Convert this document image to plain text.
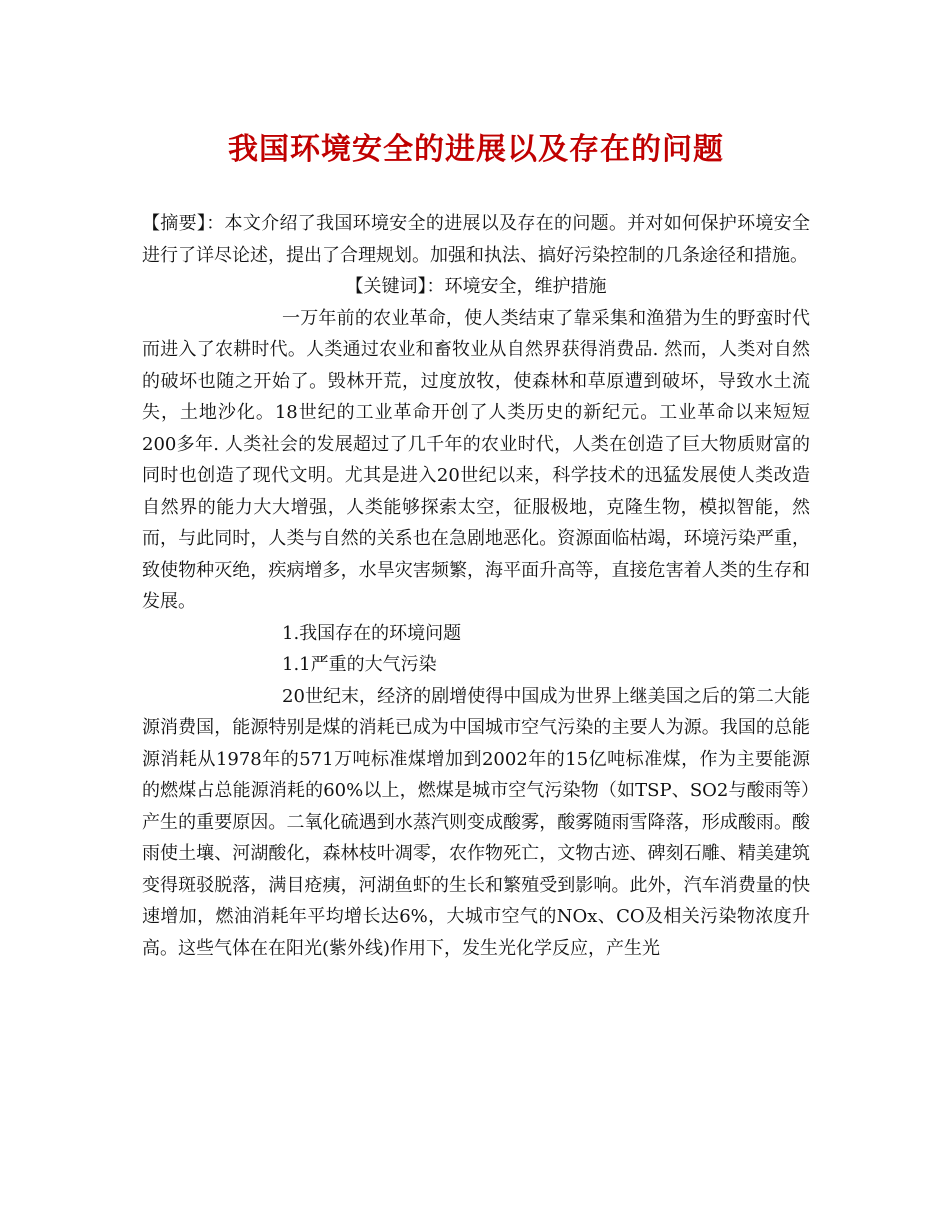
我国环境安全的进展以及存在的问题

【摘要】：本文介绍了我国环境安全的进展以及存在的问题。并对如何保护环境安全进行了详尽论述，提出了合理规划。加强和执法、搞好污染控制的几条途径和措施。

【关键词】：环境安全，维护措施

一万年前的农业革命，使人类结束了靠采集和渔猎为生的野蛮时代而进入了农耕时代。人类通过农业和畜牧业从自然界获得消费品. 然而，人类对自然的破坏也随之开始了。毁林开荒，过度放牧，使森林和草原遭到破坏，导致水土流失，土地沙化。18世纪的工业革命开创了人类历史的新纪元。工业革命以来短短200多年. 人类社会的发展超过了几千年的农业时代，人类在创造了巨大物质财富的同时也创造了现代文明。尤其是进入20世纪以来，科学技术的迅猛发展使人类改造自然界的能力大大增强，人类能够探索太空，征服极地，克隆生物，模拟智能，然而，与此同时，人类与自然的关系也在急剧地恶化。资源面临枯竭，环境污染严重，致使物种灭绝，疾病增多，水旱灾害频繁，海平面升高等，直接危害着人类的生存和发展。

1.我国存在的环境问题

1.1严重的大气污染

20世纪末，经济的剧增使得中国成为世界上继美国之后的第二大能源消费国，能源特别是煤的消耗已成为中国城市空气污染的主要人为源。我国的总能源消耗从1978年的571万吨标准煤增加到2002年的15亿吨标准煤，作为主要能源的燃煤占总能源消耗的60%以上，燃煤是城市空气污染物（如TSP、SO2与酸雨等）产生的重要原因。二氧化硫遇到水蒸汽则变成酸雾，酸雾随雨雪降落，形成酸雨。酸雨使土壤、河湖酸化，森林枝叶凋零，农作物死亡，文物古迹、碑刻石雕、精美建筑变得斑驳脱落，满目疮痍，河湖鱼虾的生长和繁殖受到影响。此外，汽车消费量的快速增加，燃油消耗年平均增长达6%，大城市空气的NOx、CO及相关污染物浓度升高。这些气体在在阳光(紫外线)作用下，发生光化学反应，产生光
